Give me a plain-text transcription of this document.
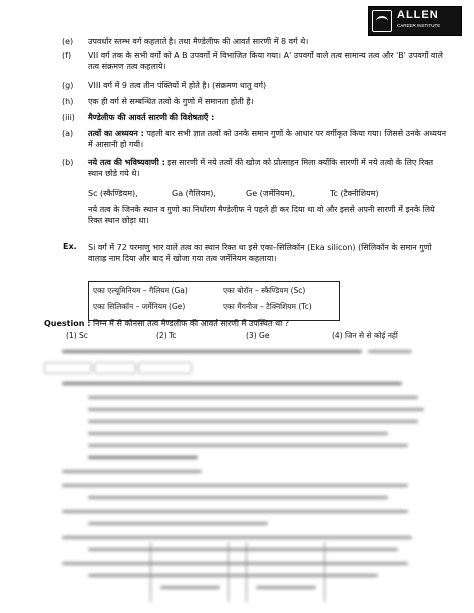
ALLEN
CAREER INSTITUTE
(e)	उपवर्धार स्तम्भ वर्ग कहलाते है। तथा मैण्डेलीफ की आवर्त सारणी में 8 वर्ग थे।
(f)	VII वर्ग तक के सभी वर्गों को A B उपवर्गो में विभाजित किया गया। A' उपवर्गो वाले तत्व सामान्य तत्व और 'B' उपवर्गो वाले तत्व संक्रमण तत्व कहलाये।
(g)	VIII वर्ग में 9 तत्व तीन पंक्तियों में होते है। (संक्रमण धातु वर्ग)
(h)	एक ही वर्ग से सम्बन्धित तत्वो के गुणो में समानता होती है।
(iii)	मैण्डेलीफ की आवर्त सारणी की विशेषताएँ :
(a)	तत्वों का अध्ययन : पहली बार सभी ज्ञात तत्वों को उनके समान गुणों के आधार पर वर्गीकृत किया गया। जिससे उनके अध्ययन में आसानी हो गयी।
(b)	नये तत्व की भविष्यवाणी : इस सारणी में नये तत्वों की खोज को प्रोत्साहन मिला क्योंकि सारणी में नये तत्वो के लिए रिक्त स्थान छोडे गये थे।
Sc (स्कैण्डियम),	Ga (गैलियम),	Ge (जर्मेनियम),	Tc (टैक्नीशियम)
नये तत्व के जिनके स्थान व गुणो का निर्धारण मैण्डेलीफ ने पहले ही कर दिया था वो और इससे अपनी सारणी में इनके लिये रिक्त स्थान छोड़ा था।
Ex. Si वर्ग में 72 परमाणु भार वाले तत्व का स्थान रिक्त था इसे एका–सिलिकॉन (Eka silicon) (सिलिकॉन के समान गुणो वालाह्र नाम दिया और बाद में खोजा गया तत्व जर्मेनियम कहलाया।
एका एल्यूमिनियम – गैलियम (Ga)	एका बोरॉन – स्कैण्डियम (Sc)
एका सिलिकॉन – जर्मेनियम (Ge)	एका मैंगनीज – टैक्निशियम (Tc)
Question : निम्न में से कौनसा तत्व मैण्डलीफ की आवर्त सारणी में उपस्थित था ?
(1) Sc	(2) Tc	(3) Ge	(4) जिन से से कोई नहीं
